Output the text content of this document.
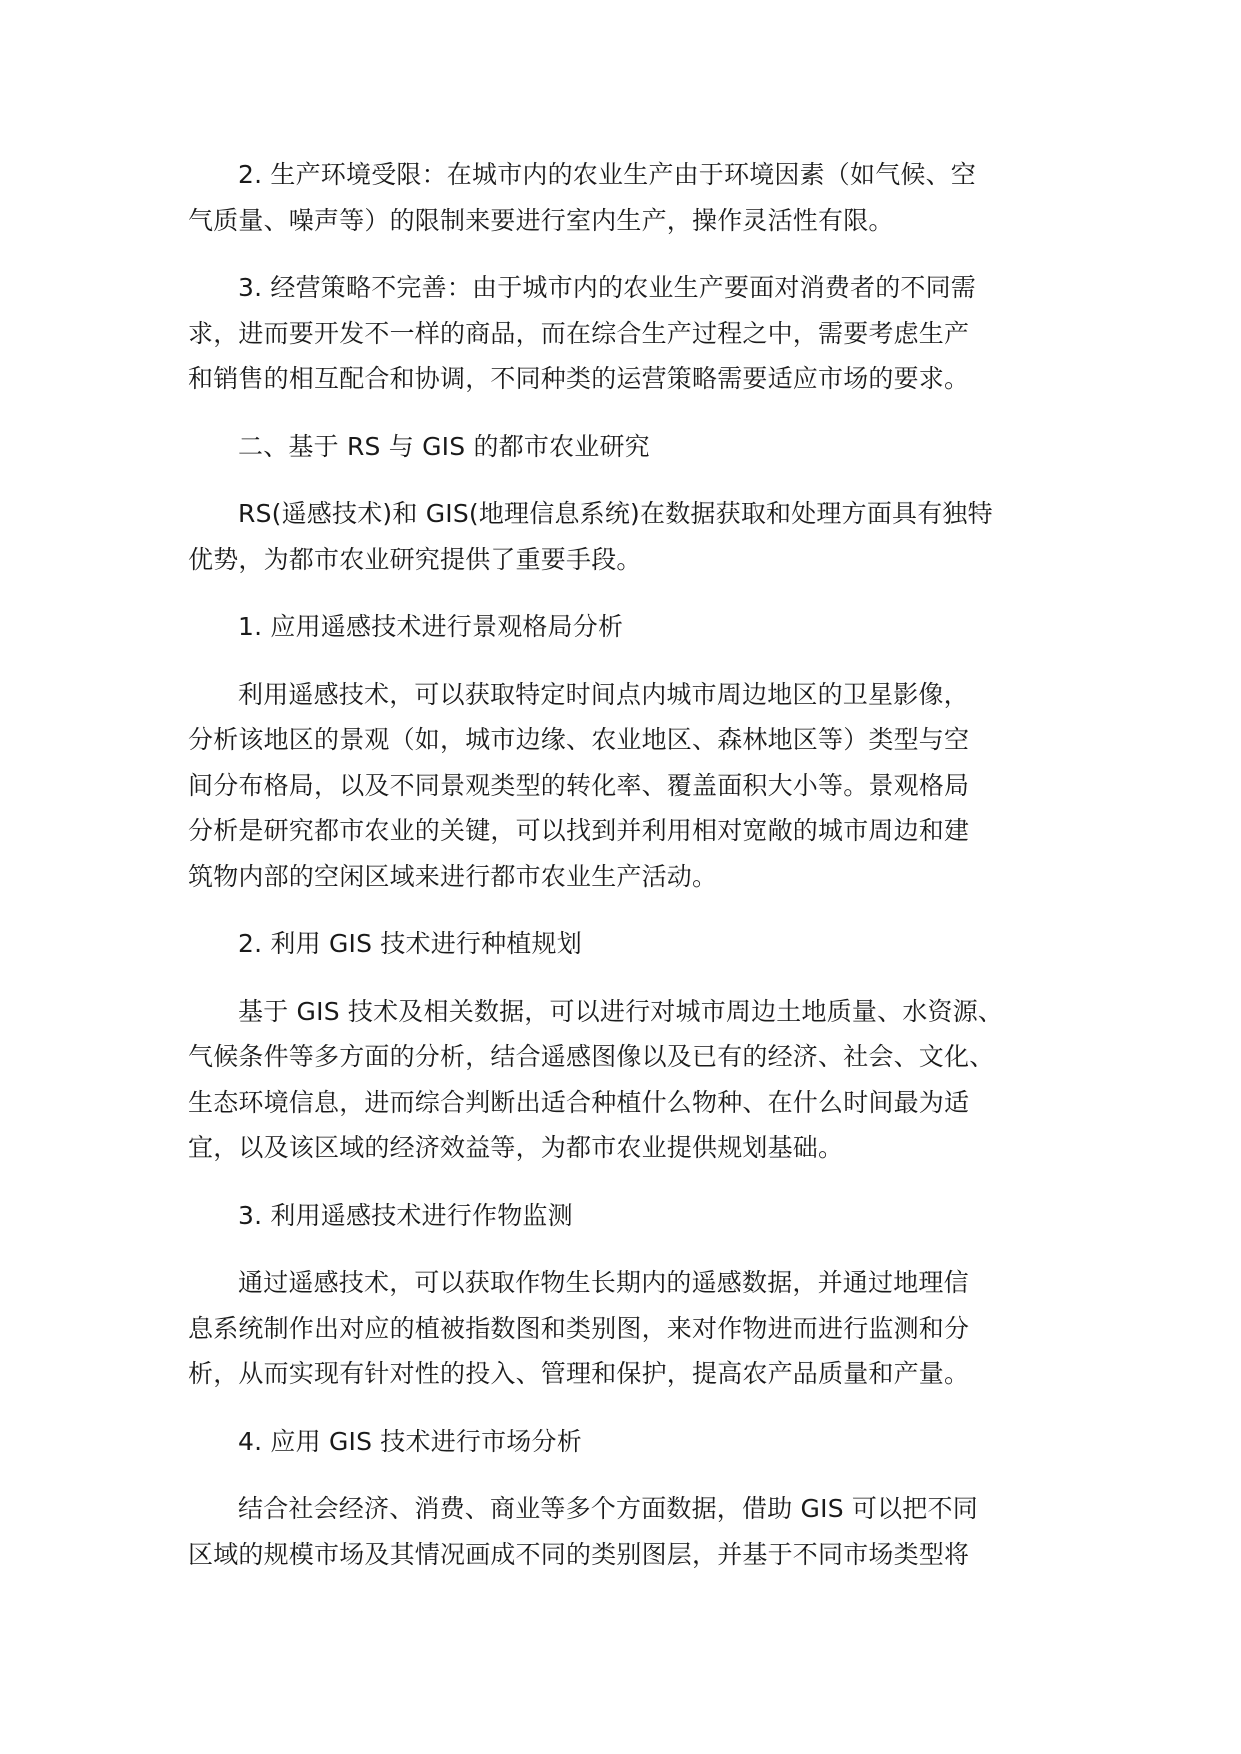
2. 生产环境受限：在城市内的农业生产由于环境因素（如气候、空
气质量、噪声等）的限制来要进行室内生产，操作灵活性有限。

3. 经营策略不完善：由于城市内的农业生产要面对消费者的不同需
求，进而要开发不一样的商品，而在综合生产过程之中，需要考虑生产
和销售的相互配合和协调，不同种类的运营策略需要适应市场的要求。

二、基于 RS 与 GIS 的都市农业研究

RS(遥感技术)和 GIS(地理信息系统)在数据获取和处理方面具有独特
优势，为都市农业研究提供了重要手段。

1. 应用遥感技术进行景观格局分析

利用遥感技术，可以获取特定时间点内城市周边地区的卫星影像，
分析该地区的景观（如，城市边缘、农业地区、森林地区等）类型与空
间分布格局，以及不同景观类型的转化率、覆盖面积大小等。景观格局
分析是研究都市农业的关键，可以找到并利用相对宽敞的城市周边和建
筑物内部的空闲区域来进行都市农业生产活动。

2. 利用 GIS 技术进行种植规划

基于 GIS 技术及相关数据，可以进行对城市周边土地质量、水资源、
气候条件等多方面的分析，结合遥感图像以及已有的经济、社会、文化、
生态环境信息，进而综合判断出适合种植什么物种、在什么时间最为适
宜，以及该区域的经济效益等，为都市农业提供规划基础。

3. 利用遥感技术进行作物监测

通过遥感技术，可以获取作物生长期内的遥感数据，并通过地理信
息系统制作出对应的植被指数图和类别图，来对作物进而进行监测和分
析，从而实现有针对性的投入、管理和保护，提高农产品质量和产量。

4. 应用 GIS 技术进行市场分析

结合社会经济、消费、商业等多个方面数据，借助 GIS 可以把不同
区域的规模市场及其情况画成不同的类别图层，并基于不同市场类型将
